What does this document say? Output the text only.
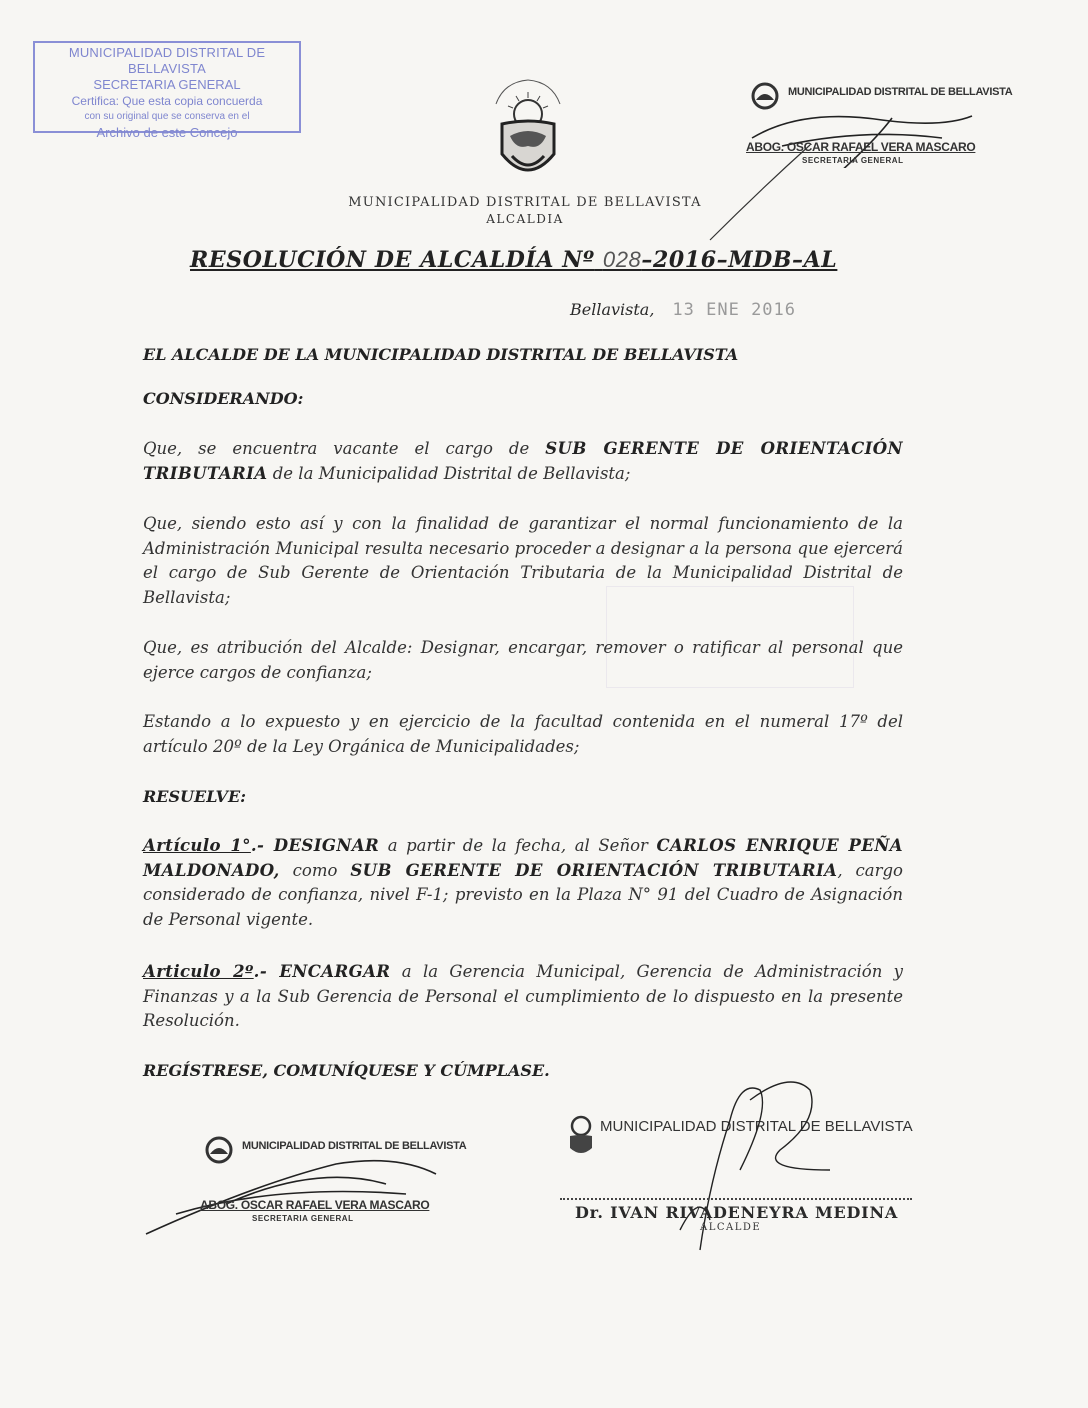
MUNICIPALIDAD DISTRITAL DE BELLAVISTA
SECRETARIA GENERAL
Certifica: Que esta copia concuerda
con su original que se conserva en el
Archivo de este Concejo
MUNICIPALIDAD DISTRITAL DE BELLAVISTA
ALCALDIA
MUNICIPALIDAD DISTRITAL DE BELLAVISTA
ABOG. OSCAR RAFAEL VERA MASCARO
SECRETARIA GENERAL
RESOLUCIÓN DE ALCALDÍA Nº 028–2016–MDB–AL
Bellavista, 13 ENE 2016
EL ALCALDE DE LA MUNICIPALIDAD DISTRITAL DE BELLAVISTA
CONSIDERANDO:
Que, se encuentra vacante el cargo de SUB GERENTE DE ORIENTACIÓN TRIBUTARIA de la Municipalidad Distrital de Bellavista;
Que, siendo esto así y con la finalidad de garantizar el normal funcionamiento de la Administración Municipal resulta necesario proceder a designar a la persona que ejercerá el cargo de Sub Gerente de Orientación Tributaria de la Municipalidad Distrital de Bellavista;
Que, es atribución del Alcalde: Designar, encargar, remover o ratificar al personal que ejerce cargos de confianza;
Estando a lo expuesto y en ejercicio de la facultad contenida en el numeral 17º del artículo 20º de la Ley Orgánica de Municipalidades;
RESUELVE:
Artículo 1°.- DESIGNAR a partir de la fecha, al Señor CARLOS ENRIQUE PEÑA MALDONADO, como SUB GERENTE DE ORIENTACIÓN TRIBUTARIA, cargo considerado de confianza, nivel F-1; previsto en la Plaza N° 91 del Cuadro de Asignación de Personal vigente.
Articulo 2º.- ENCARGAR a la Gerencia Municipal, Gerencia de Administración y Finanzas y a la Sub Gerencia de Personal el cumplimiento de lo dispuesto en la presente Resolución.
REGÍSTRESE, COMUNÍQUESE Y CÚMPLASE.
MUNICIPALIDAD DISTRITAL DE BELLAVISTA
ABOG. OSCAR RAFAEL VERA MASCARO
SECRETARIA GENERAL
MUNICIPALIDAD DISTRITAL DE BELLAVISTA
Dr. IVAN RIVADENEYRA MEDINA
ALCALDE
